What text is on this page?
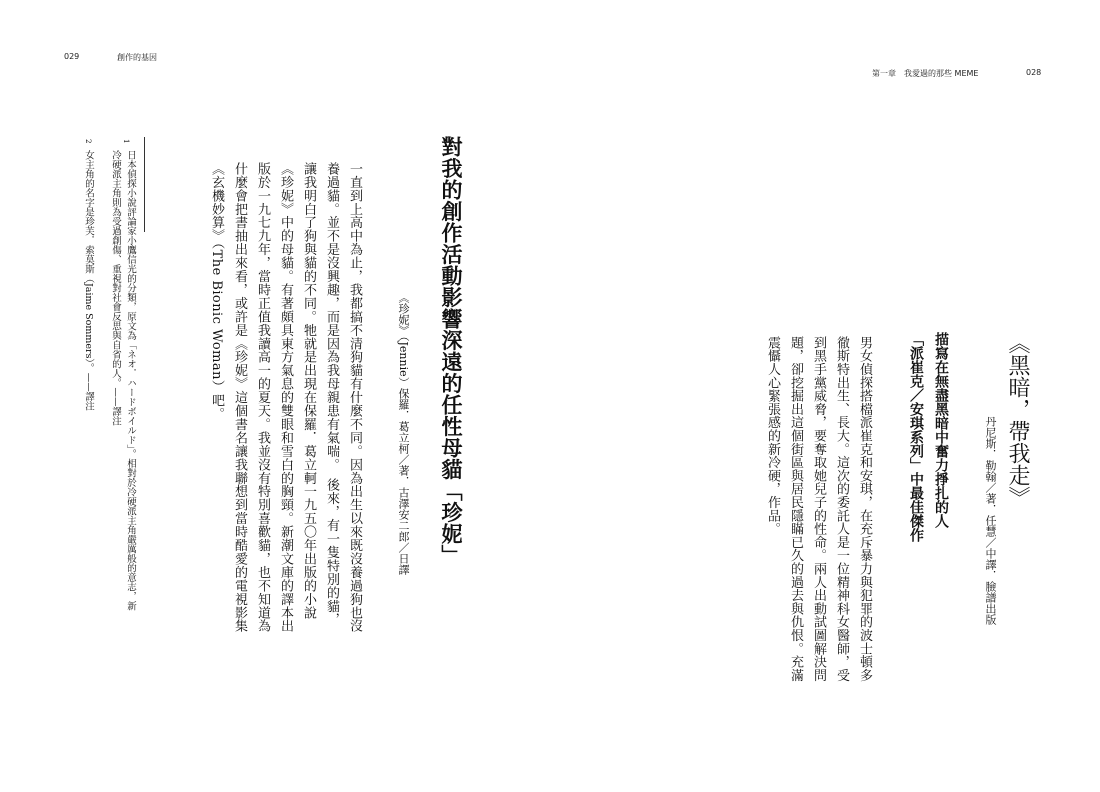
029	創作的基因
對我的創作活動影響深遠的任性母貓「珍妮」
《珍妮》（Jennie）保羅．葛立柯／著．古澤安二郎／日譯

一直到上高中為止，我都搞不清狗貓有什麼不同。因為出生以來既沒養過狗也沒養過貓。並不是沒興趣，而是因為我母親患有氣喘。　後來，有一隻特別的貓，讓我明白了狗與貓的不同。牠就是出現在保羅．葛立軻一九五〇年出版的小說《珍妮》中的母貓。有著頗具東方氣息的雙眼和雪白的胸頸。新潮文庫的譯本出版於一九七九年，當時正值我讀高一的夏天。我並沒有特別喜歡貓，也不知道為什麼會把書抽出來看，或許是《珍妮》這個書名讓我聯想到當時酷愛的電視影集《玄機妙算》（The Bionic Woman）吧。

1

日本偵探小說評論家小鷹信光的分類，原文為「ネオ．ハードボイルド」。相對於冷硬派主角嚴厲般的意志，新冷硬派主角則為受過創傷、重視對社會反思與自省的人。——譯注

2
女主角的名字是珍芙．索莫斯（Jaime Sommers）。——譯注
第一章　我愛過的那些 MEME	028
《黑暗，帶我走》
丹尼斯．勒翰／著．任慧／中譯．臉譜出版
描寫在無盡黑暗中奮力掙扎的人
「派崔克／安琪系列」中最佳傑作

男女偵探搭檔派崔克和安琪，在充斥暴力與犯罪的波士頓多徹斯特出生、長大。這次的委託人是一位精神科女醫師，受到黑手黨威脅，要奪取她兒子的性命。兩人出動試圖解決問題，卻挖掘出這個街區與居民隱瞞已久的過去與仇恨。充滿震懾人心緊張感的新冷硬，作品。
